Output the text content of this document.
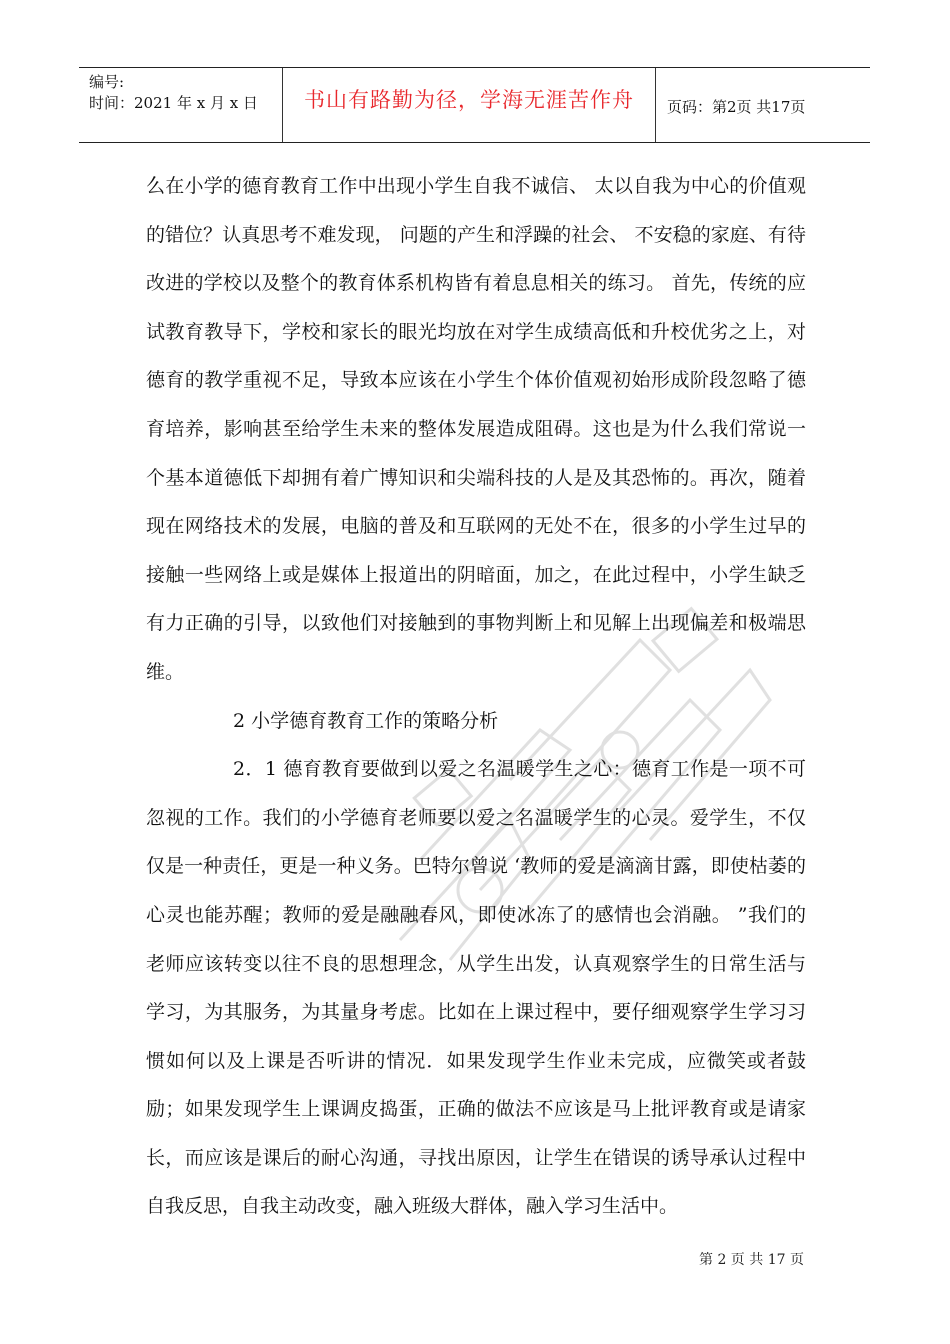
编号:
时间：2021 年 x 月 x 日	书山有路勤为径，学海无涯苦作舟	页码：第2页 共17页

么在小学的德育教育工作中出现小学生自我不诚信、 太以自我为中心的价值观的错位？认真思考不难发现， 问题的产生和浮躁的社会、 不安稳的家庭、有待改进的学校以及整个的教育体系机构皆有着息息相关的练习。 首先，传统的应试教育教导下，学校和家长的眼光均放在对学生成绩高低和升校优劣之上，对德育的教学重视不足，导致本应该在小学生个体价值观初始形成阶段忽略了德育培养，影响甚至给学生未来的整体发展造成阻碍。这也是为什么我们常说一个基本道德低下却拥有着广博知识和尖端科技的人是及其恐怖的。再次，随着现在网络技术的发展，电脑的普及和互联网的无处不在，很多的小学生过早的接触一些网络上或是媒体上报道出的阴暗面，加之，在此过程中，小学生缺乏有力正确的引导，以致他们对接触到的事物判断上和见解上出现偏差和极端思维。

2 小学德育教育工作的策略分析

2．1 德育教育要做到以爱之名温暖学生之心：德育工作是一项不可忽视的工作。我们的小学德育老师要以爱之名温暖学生的心灵。爱学生，不仅仅是一种责任，更是一种义务。巴特尔曾说 ‘教师的爱是滴滴甘露，即使枯萎的心灵也能苏醒；教师的爱是融融春风，即使冰冻了的感情也会消融。 ”我们的老师应该转变以往不良的思想理念，从学生出发，认真观察学生的日常生活与学习，为其服务，为其量身考虑。比如在上课过程中，要仔细观察学生学习习惯如何以及上课是否听讲的情况．如果发现学生作业未完成，应微笑或者鼓励；如果发现学生上课调皮捣蛋，正确的做法不应该是马上批评教育或是请家长，而应该是课后的耐心沟通，寻找出原因，让学生在错误的诱导承认过程中自我反思，自我主动改变，融入班级大群体，融入学习生活中。

第 2 页 共 17 页
